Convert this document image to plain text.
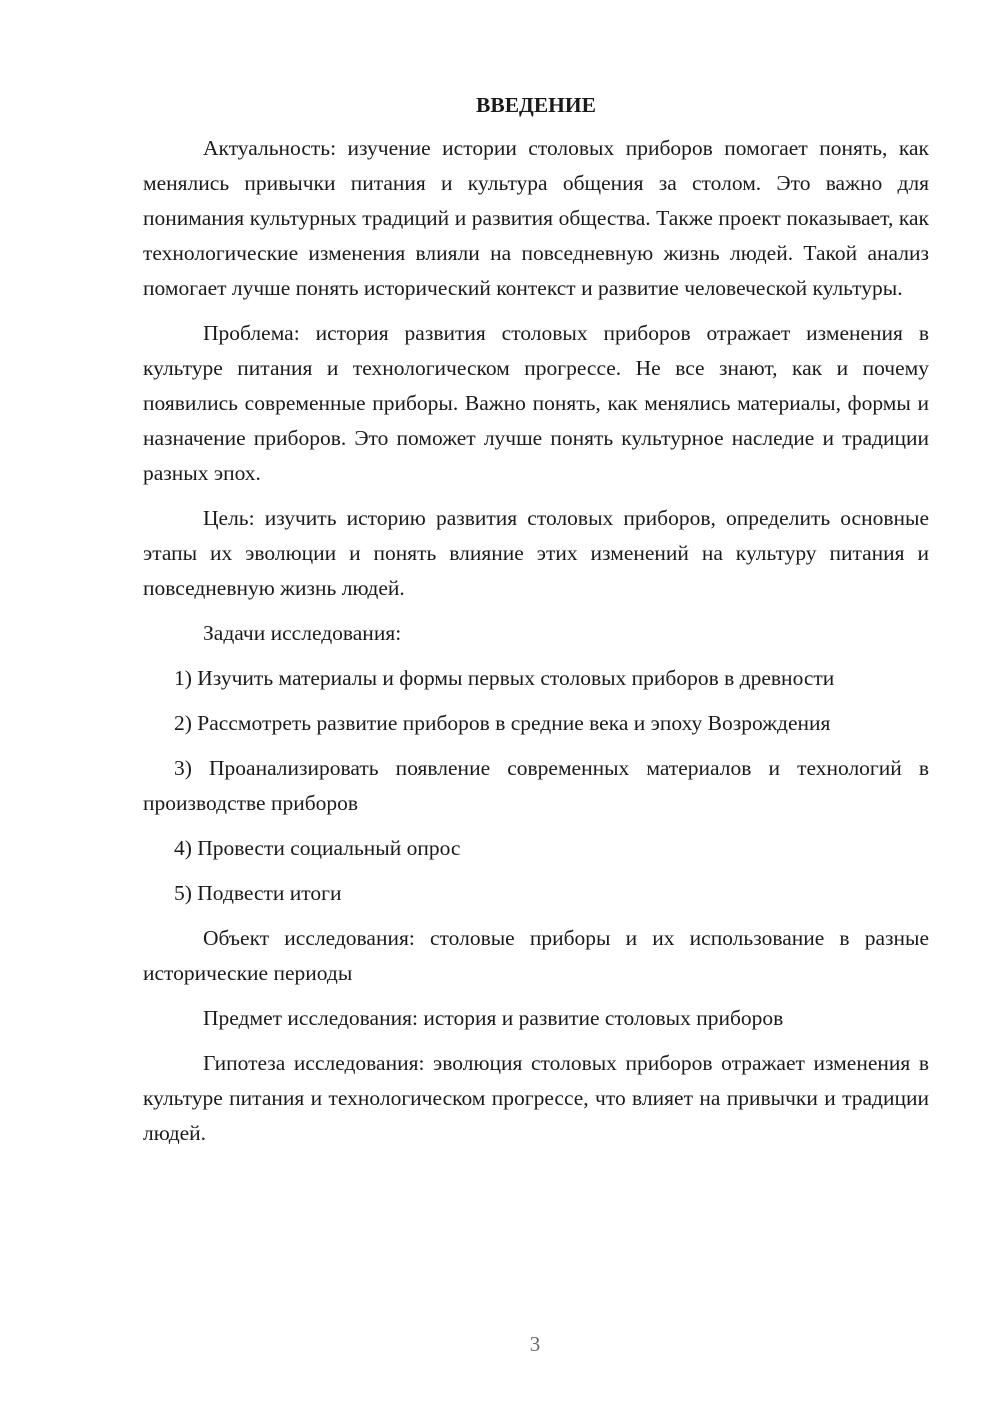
ВВЕДЕНИЕ

Актуальность: изучение истории столовых приборов помогает понять, как менялись привычки питания и культура общения за столом. Это важно для понимания культурных традиций и развития общества. Также проект показывает, как технологические изменения влияли на повседневную жизнь людей. Такой анализ помогает лучше понять исторический контекст и развитие человеческой культуры.

Проблема: история развития столовых приборов отражает изменения в культуре питания и технологическом прогрессе. Не все знают, как и почему появились современные приборы. Важно понять, как менялись материалы, формы и назначение приборов. Это поможет лучше понять культурное наследие и традиции разных эпох.

Цель: изучить историю развития столовых приборов, определить основные этапы их эволюции и понять влияние этих изменений на культуру питания и повседневную жизнь людей.

Задачи исследования:

1) Изучить материалы и формы первых столовых приборов в древности

2) Рассмотреть развитие приборов в средние века и эпоху Возрождения

3) Проанализировать появление современных материалов и технологий в производстве приборов

4) Провести социальный опрос

5) Подвести итоги

Объект исследования: столовые приборы и их использование в разные исторические периоды

Предмет исследования: история и развитие столовых приборов

Гипотеза исследования: эволюция столовых приборов отражает изменения в культуре питания и технологическом прогрессе, что влияет на привычки и традиции людей.

3
